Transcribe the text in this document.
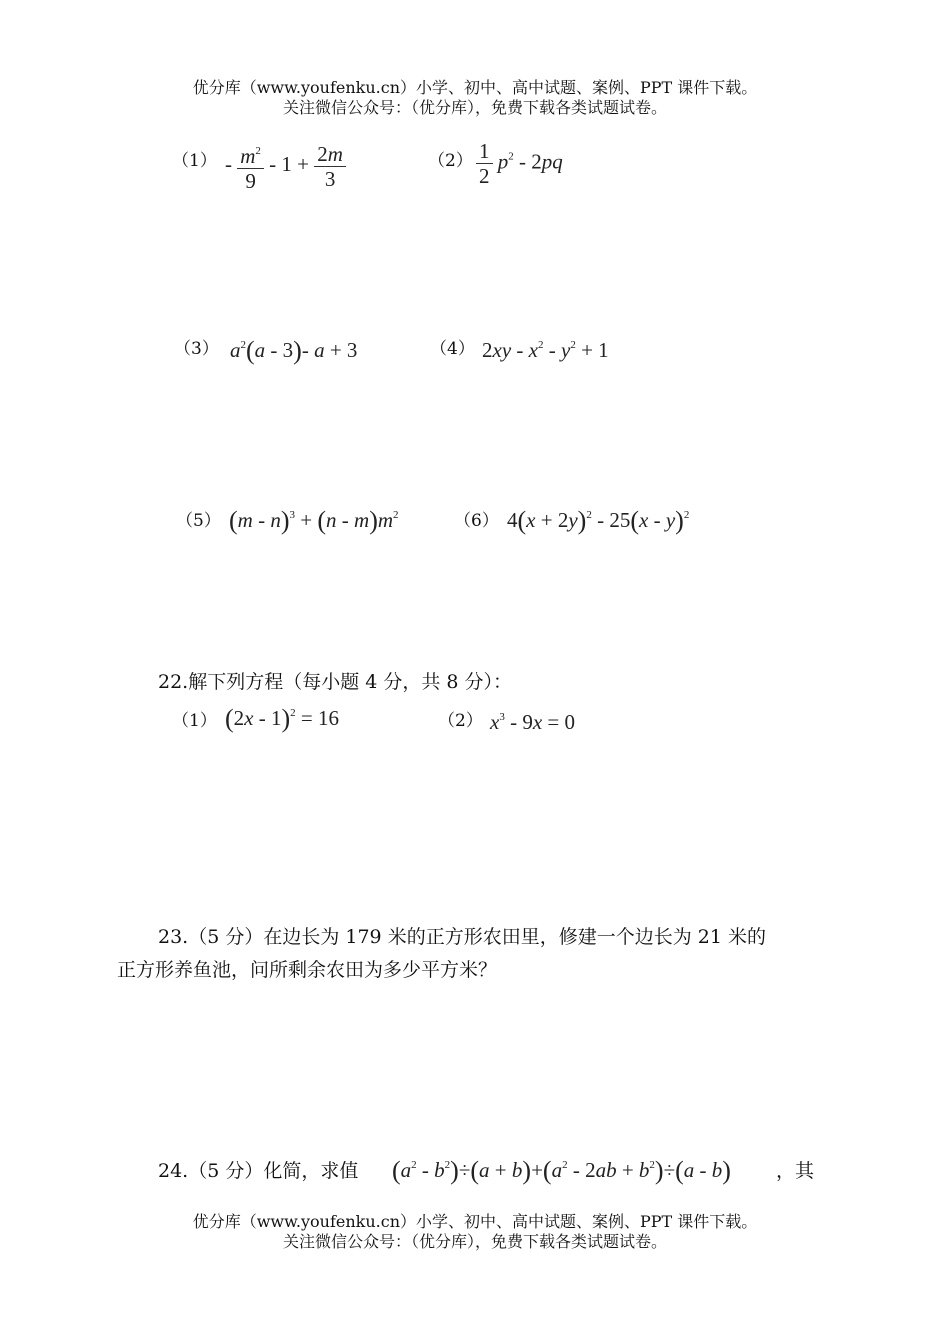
优分库（www.youfenku.cn）小学、初中、高中试题、案例、PPT 课件下载。
关注微信公众号：（优分库），免费下载各类试题试卷。
$(1) - \frac{m^2}{9} - 1 + \frac{2m}{3}$	$(2) \frac{1}{2} p^2 - 2pq$
（3） $a^2(a - 3)-$ a + 3	（4） $2xy - x^2 - y^2 + 1$
（5） $(m - n)^3 + (n - m)m^2$	（6） $4(x + 2y)^2 - 25(x - y)^2$
22.解下列方程（每小题 4 分，共 8 分）：
（1） (2x - 1)$^2$ = 16	（2） $x^3 - 9x = 0$
23.（5 分）在边长为 179 米的正方形农田里，修建一个边长为 21 米的
正方形养鱼池，问所剩余农田为多少平方米？
24.（5 分）化简，求值 $(a^2 - b^2)\div(a + b)+(a^2 - 2ab + b^2)\div(a - b)$ ，其
优分库（www.youfenku.cn）小学、初中、高中试题、案例、PPT 课件下载。
关注微信公众号：（优分库），免费下载各类试题试卷。
